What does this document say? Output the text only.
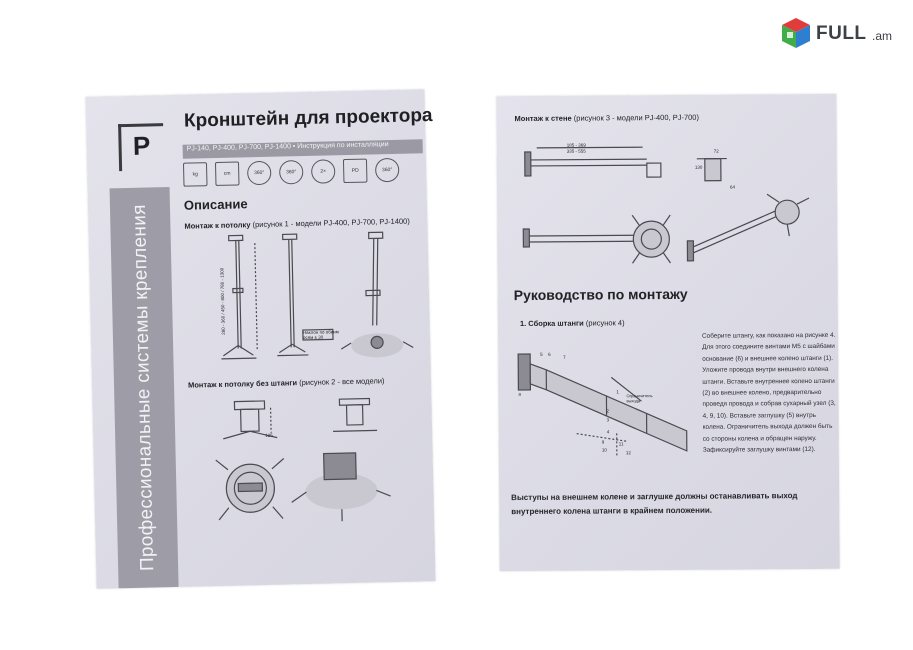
FULL .am
P
Кронштейн для проектора
PJ-140, PJ-400, PJ-700, PJ-1400 • Инструкция по инсталляции
kg	cm	360°	360°	2×	PD	360°
Профессиональные системы крепления	Описание
Монтаж к потолку (рисунок 1 - модели PJ-400, PJ-700, PJ-1400)
280 - 360 / 450 - 800 / 780 - 1300	Наклон по обеим осям ± 30
Монтаж к потолку без штанги (рисунок 2 - все модели)
125
Монтаж к стене (рисунок 3 - модели PJ-400, PJ-700)
185 - 369
335 - 555	72
130
64
Руководство по монтажу
1. Сборка штанги (рисунок 4)
5 6
7
8
1
2
3
4
9
10
11
12
Ограничитель выхода
Соберите штангу, как показано на рисунке 4. Для этого соедините винтами М5 с шайбами основание (6) и внешнее колено штанги (1). Уложите провода внутри внешнего колена штанги. Вставьте внутреннее колено штанги (2) во внешнее колено, предварительно проведя провода и собрав сухарный узел (3, 4, 9, 10). Вставьте заглушку (5) внутрь колена. Ограничитель выхода должен быть со стороны колена и обращен наружу. Зафиксируйте заглушку винтами (12).
Выступы на внешнем колене и заглушке должны останавливать выход внутреннего колена штанги в крайнем положении.
